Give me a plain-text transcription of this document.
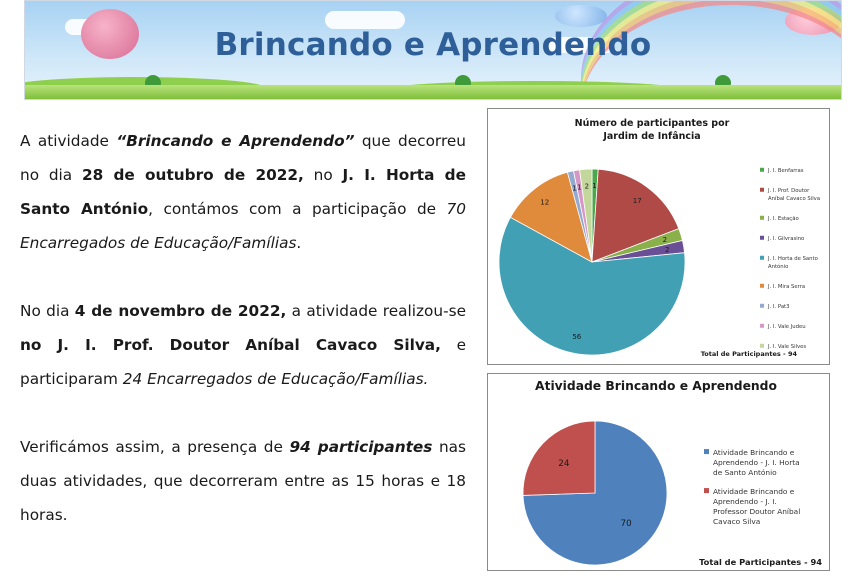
Brincando e Aprendendo

A atividade “Brincando e Aprendendo” que decorreu no dia 28 de outubro de 2022, no J. I. Horta de Santo António, contámos com a participação de 70 Encarregados de Educação/Famílias.

No dia 4 de novembro de 2022, a atividade realizou-se no J. I. Prof. Doutor Aníbal Cavaco Silva, e participaram 24 Encarregados de Educação/Famílias.

Verificámos assim, a presença de 94 participantes nas duas atividades, que decorreram entre as 15 horas e 18 horas.

Número de participantes por
Jardim de Infância
1
17
2
2
56
12
1 1 2
J. I. Benfarras
J. I. Prof. Doutor
Aníbal Cavaco Silva
J. I. Estação
J. I. Gilvrasino
J. I. Horta de Santo
António
J. I. Mira Serra
J. I. Pat3
J. I. Vale Judeu
J. I. Vale Silves
Total de Participantes - 94
Atividade Brincando e Aprendendo
70
24
Atividade Brincando e
Aprendendo - J. I. Horta
de Santo António
Atividade Brincando e
Aprendendo - J. I.
Professor Doutor Aníbal
Cavaco Silva
Total de Participantes - 94
